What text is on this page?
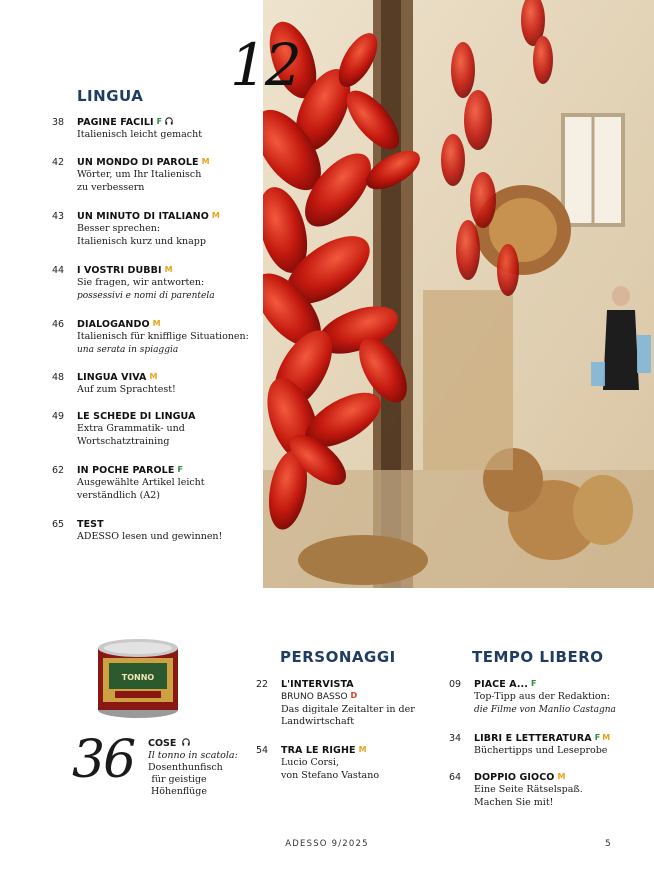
12
LINGUA
38	PAGINE FACILI F
Italienisch leicht gemacht
42	UN MONDO DI PAROLE M
Wörter, um Ihr Italienisch
zu verbessern
43	UN MINUTO DI ITALIANO M
Besser sprechen:
Italienisch kurz und knapp
44	I VOSTRI DUBBI M
Sie fragen, wir antworten:
possessivi e nomi di parentela
46	DIALOGANDO M
Italienisch für knifflige Situationen:
una serata in spiaggia
48	LINGUA VIVA M
Auf zum Sprachtest!
49	LE SCHEDE DI LINGUA
Extra Grammatik- und
Wortschatztraining
62	IN POCHE PAROLE F
Ausgewählte Artikel leicht
verständlich (A2)
65	TEST
ADESSO lesen und gewinnen!
TONNO
36 COSE
Il tonno in scatola:
Dosenthunfisch
für geistige
Höhenflüge
PERSONAGGI
22	L'INTERVISTA
BRUNO BASSO D
Das digitale Zeitalter in der
Landwirtschaft
54	TRA LE RIGHE M
Lucio Corsi,
von Stefano Vastano
TEMPO LIBERO
09	PIACE A... F
Top-Tipp aus der Redaktion:
die Filme von Manlio Castagna
34	LIBRI E LETTERATURA F M
Büchertipps und Leseprobe
64	DOPPIO GIOCO M
Eine Seite Rätselspaß.
Machen Sie mit!
ADESSO 9/2025	5
